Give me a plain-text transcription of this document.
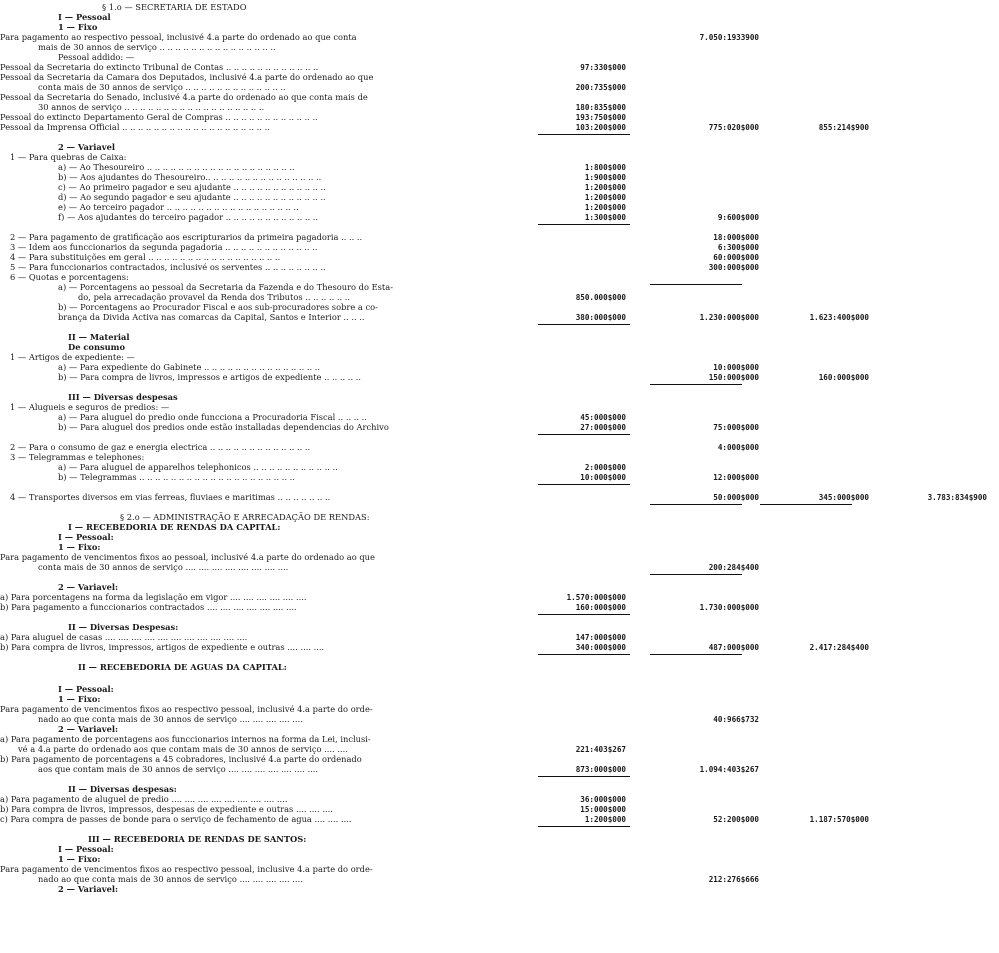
§ 1.o — SECRETARIA DE ESTADO
I — Pessoal
1 — Fixo
Para pagamento ao respectivo pessoal, inclusivé 4.a parte do ordenado ao que conta	7.050:1933900
mais de 30 annos de serviço .. .. .. .. .. .. .. .. .. .. .. .. .. .. ..
Pessoal addido: —
Pessoal da Secretaria do extincto Tribunal de Contas .. .. .. .. .. .. .. .. .. .. .. ..	97:330$000
Pessoal da Secretaria da Camara dos Deputados, inclusivé 4.a parte do ordenado ao que
conta mais de 30 annos de serviço .. .. .. .. .. .. .. .. .. .. .. .. ..	200:735$000
Pessoal da Secretaria do Senado, inclusivé 4.a parte do ordenado ao que conta mais de
30 annos de serviço .. .. .. .. .. .. .. .. .. .. .. .. .. .. .. .. .. ..	180:835$000
Pessoal do extincto Departamento Geral de Compras .. .. .. .. .. .. .. .. .. .. .. ..	193:750$000
Pessoal da Imprensa Official .. .. .. .. .. .. .. .. .. .. .. .. .. .. .. .. .. .. ..	103:200$000	775:020$000	855:214$900
2 — Variavel
1 — Para quebras de Caixa:
a) — Ao Thesoureiro .. .. .. .. .. .. .. .. .. .. .. .. .. .. .. .. .. .. ..	1:800$000
b) — Aos ajudantes do Thesoureiro.. .. .. .. .. .. .. .. .. .. .. .. .. .. ..	1:900$000
c) — Ao primeiro pagador e seu ajudante .. .. .. .. .. .. .. .. .. .. .. ..	1:200$000
d) — Ao segundo pagador e seu ajudante .. .. .. .. .. .. .. .. .. .. .. ..	1:200$000
e) — Ao terceiro pagador .. .. .. .. .. .. .. .. .. .. .. .. .. .. .. .. ..	1:200$000
f) — Aos ajudantes do terceiro pagador .. .. .. .. .. .. .. .. .. .. .. ..	1:300$000	9:600$000
2 — Para pagamento de gratificação aos escripturarios da primeira pagadoria .. .. ..	18:000$000
3 — Idem aos funccionarios da segunda pagadoria .. .. .. .. .. .. .. .. .. .. .. ..	6:300$000
4 — Para substituições em geral .. .. .. .. .. .. .. .. .. .. .. .. .. .. .. .. ..	60:000$000
5 — Para funccionarios contractados, inclusivé os serventes .. .. .. .. .. .. .. ..	300:000$000
6 — Quotas e porcentagens:
a) — Porcentagens ao pessoal da Secretaria da Fazenda e do Thesouro do Esta-
do, pela arrecadação provavel da Renda dos Tributos .. .. .. .. .. ..	850.000$000
b) — Porcentagens ao Procurador Fiscal e aos sub-procuradores sobre a co-
brança da Divida Activa nas comarcas da Capital, Santos e Interior .. .. ..	380:000$000	1.230:000$000	1.623:400$000
II — Material
De consumo
1 — Artigos de expediente: —
a) — Para expediente do Gabinete .. .. .. .. .. .. .. .. .. .. .. .. .. .. ..	10:000$000
b) — Para compra de livros, impressos e artigos de expediente .. .. .. .. ..	150:000$000	160:000$000
III — Diversas despesas
1 — Alugueis e seguros de predios: —
a) — Para aluguel do predio onde funcciona a Procuradoria Fiscal .. .. .. ..	45:000$000
b) — Para aluguel dos predios onde estão installadas dependencias do Archivo	27:000$000	75:000$000
2 — Para o consumo de gaz e energia electrica .. .. .. .. .. .. .. .. .. .. .. .. ..	4:000$000
3 — Telegrammas e telephones:
a) — Para aluguel de apparelhos telephonicos .. .. .. .. .. .. .. .. .. .. ..	2:000$000
b) — Telegrammas .. .. .. .. .. .. .. .. .. .. .. .. .. .. .. .. .. .. .. ..	10:000$000	12:000$000
4 — Transportes diversos em vias ferreas, fluviaes e maritimas .. .. .. .. .. .. ..	50:000$000	345:000$000	3.783:834$900
§ 2.o — ADMINISTRAÇÃO E ARRECADAÇÃO DE RENDAS:
I — RECEBEDORIA DE RENDAS DA CAPITAL:
I — Pessoal:
1 — Fixo:
Para pagamento de vencimentos fixos ao pessoal, inclusivé 4.a parte do ordenado ao que
conta mais de 30 annos de serviço .... .... .... .... .... .... .... ....	200:284$400
2 — Variavel:
a) Para porcentagens na forma da legislação em vigor .... .... .... .... .... ....	1.570:000$000
b) Para pagamento a funccionarios contractados .... .... .... .... .... .... ....	160:000$000	1.730:000$000
II — Diversas Despesas:
a) Para aluguel de casas .... .... .... .... .... .... .... .... .... .... ....	147:000$000
b) Para compra de livros, impressos, artigos de expediente e outras .... .... ....	340:000$000	487:000$000	2.417:284$400
II — RECEBEDORIA DE AGUAS DA CAPITAL:
I — Pessoal:
1 — Fixo:
Para pagamento de vencimentos fixos ao respectivo pessoal, inclusivé 4.a parte do orde-
nado ao que conta mais de 30 annos de serviço .... .... .... .... ....	40:966$732
2 — Variavel:
a) Para pagamento de porcentagens aos funccionarios internos na forma da Lei, inclusi-
vé a 4.a parte do ordenado aos que contam mais de 30 annos de serviço .... ....	221:403$267
b) Para pagamento de porcentagens a 45 cobradores, inclusivé 4.a parte do ordenado
aos que contam mais de 30 annos de serviço .... .... .... .... .... .... ....	873:000$000	1.094:403$267
II — Diversas despesas:
a) Para pagamento de aluguel de predio .... .... .... .... .... .... .... .... ....	36:000$000
b) Para compra de livros, impressos, despesas de expediente e outras .... .... ....	15:000$000
c) Para compra de passes de bonde para o serviço de fechamento de agua .... .... ....	1:200$000	52:200$000	1.187:570$000
III — RECEBEDORIA DE RENDAS DE SANTOS:
I — Pessoal:
1 — Fixo:
Para pagamento de vencimentos fixos ao respectivo pessoal, inclusive 4.a parte do orde-
nado ao que conta mais de 30 annos de serviço .... .... .... .... ....	212:276$666
2 — Variavel:
